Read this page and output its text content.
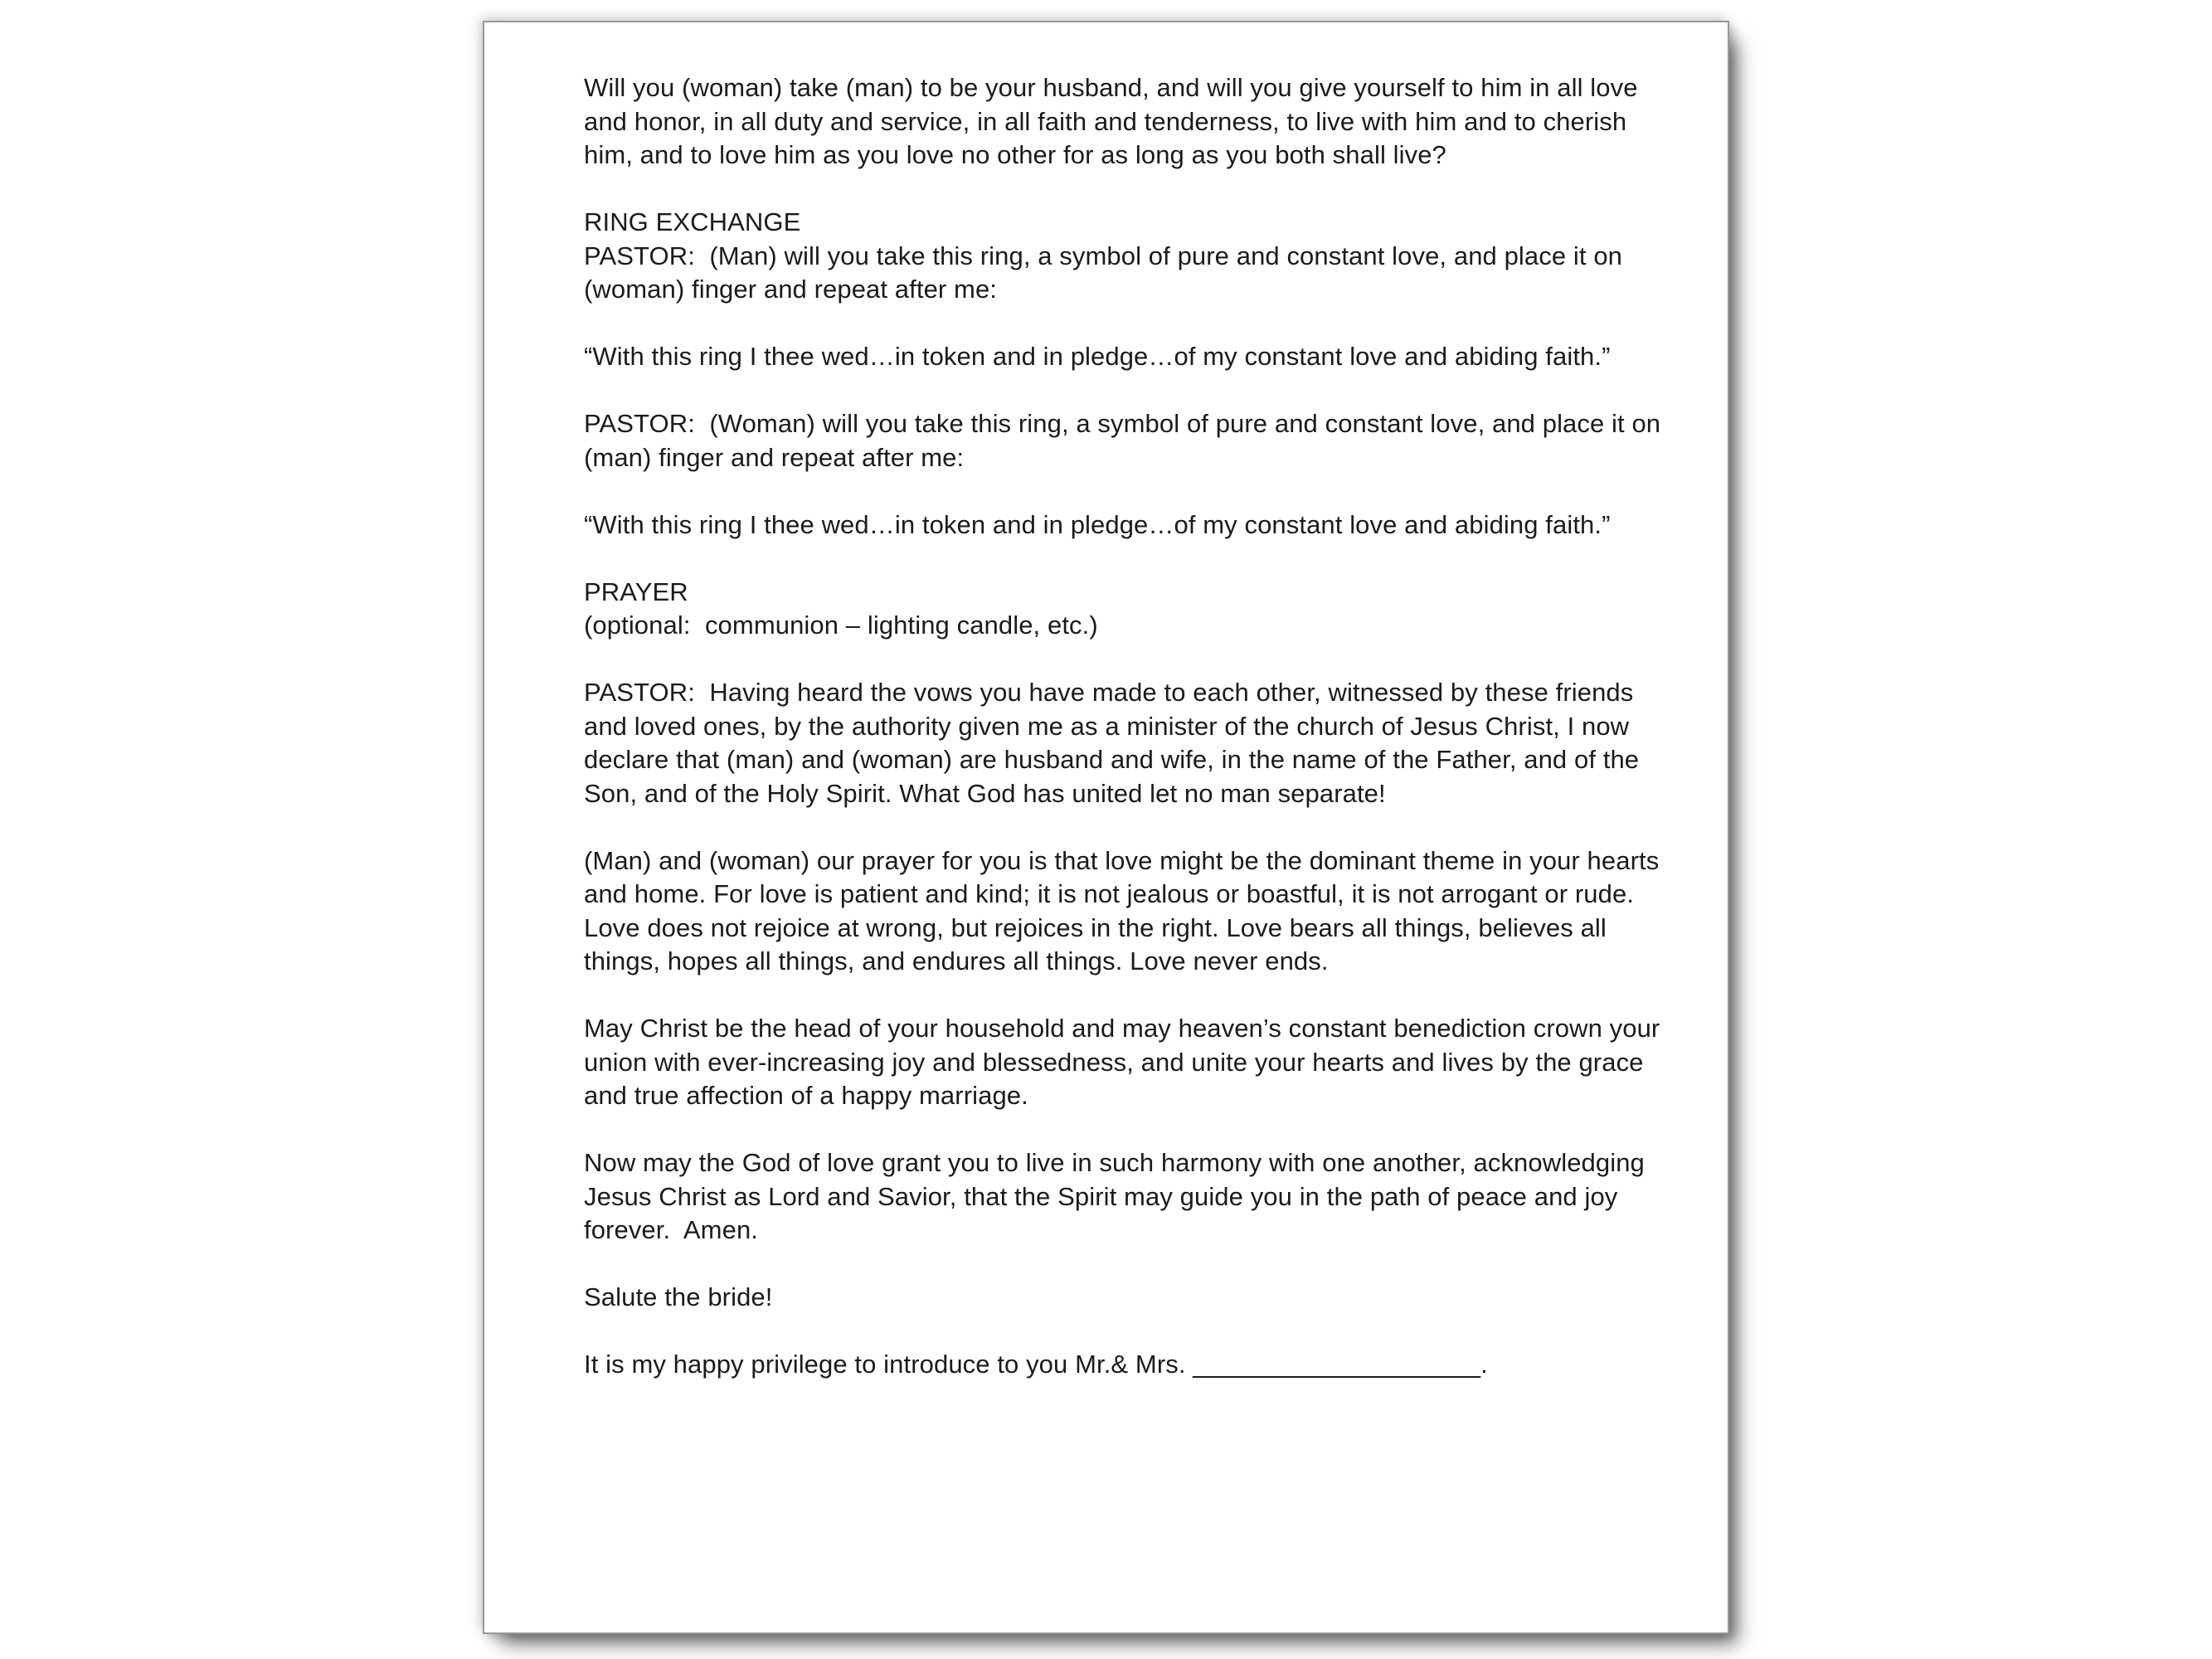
Will you (woman) take (man) to be your husband, and will you give yourself to him in all love and honor, in all duty and service, in all faith and tenderness, to live with him and to cherish him, and to love him as you love no other for as long as you both shall live?

RING EXCHANGE

PASTOR:  (Man) will you take this ring, a symbol of pure and constant love, and place it on (woman) finger and repeat after me:

“With this ring I thee wed…in token and in pledge…of my constant love and abiding faith.”

PASTOR:  (Woman) will you take this ring, a symbol of pure and constant love, and place it on (man) finger and repeat after me:

“With this ring I thee wed…in token and in pledge…of my constant love and abiding faith.”

PRAYER

(optional:  communion – lighting candle, etc.)

PASTOR:  Having heard the vows you have made to each other, witnessed by these friends and loved ones, by the authority given me as a minister of the church of Jesus Christ, I now declare that (man) and (woman) are husband and wife, in the name of the Father, and of the Son, and of the Holy Spirit. What God has united let no man separate!

(Man) and (woman) our prayer for you is that love might be the dominant theme in your hearts and home. For love is patient and kind; it is not jealous or boastful, it is not arrogant or rude. Love does not rejoice at wrong, but rejoices in the right. Love bears all things, believes all things, hopes all things, and endures all things. Love never ends.

May Christ be the head of your household and may heaven’s constant benediction crown your union with ever-increasing joy and blessedness, and unite your hearts and lives by the grace and true affection of a happy marriage.

Now may the God of love grant you to live in such harmony with one another, acknowledging Jesus Christ as Lord and Savior, that the Spirit may guide you in the path of peace and joy forever.  Amen.

Salute the bride!

It is my happy privilege to introduce to you Mr.& Mrs. ____________________.
